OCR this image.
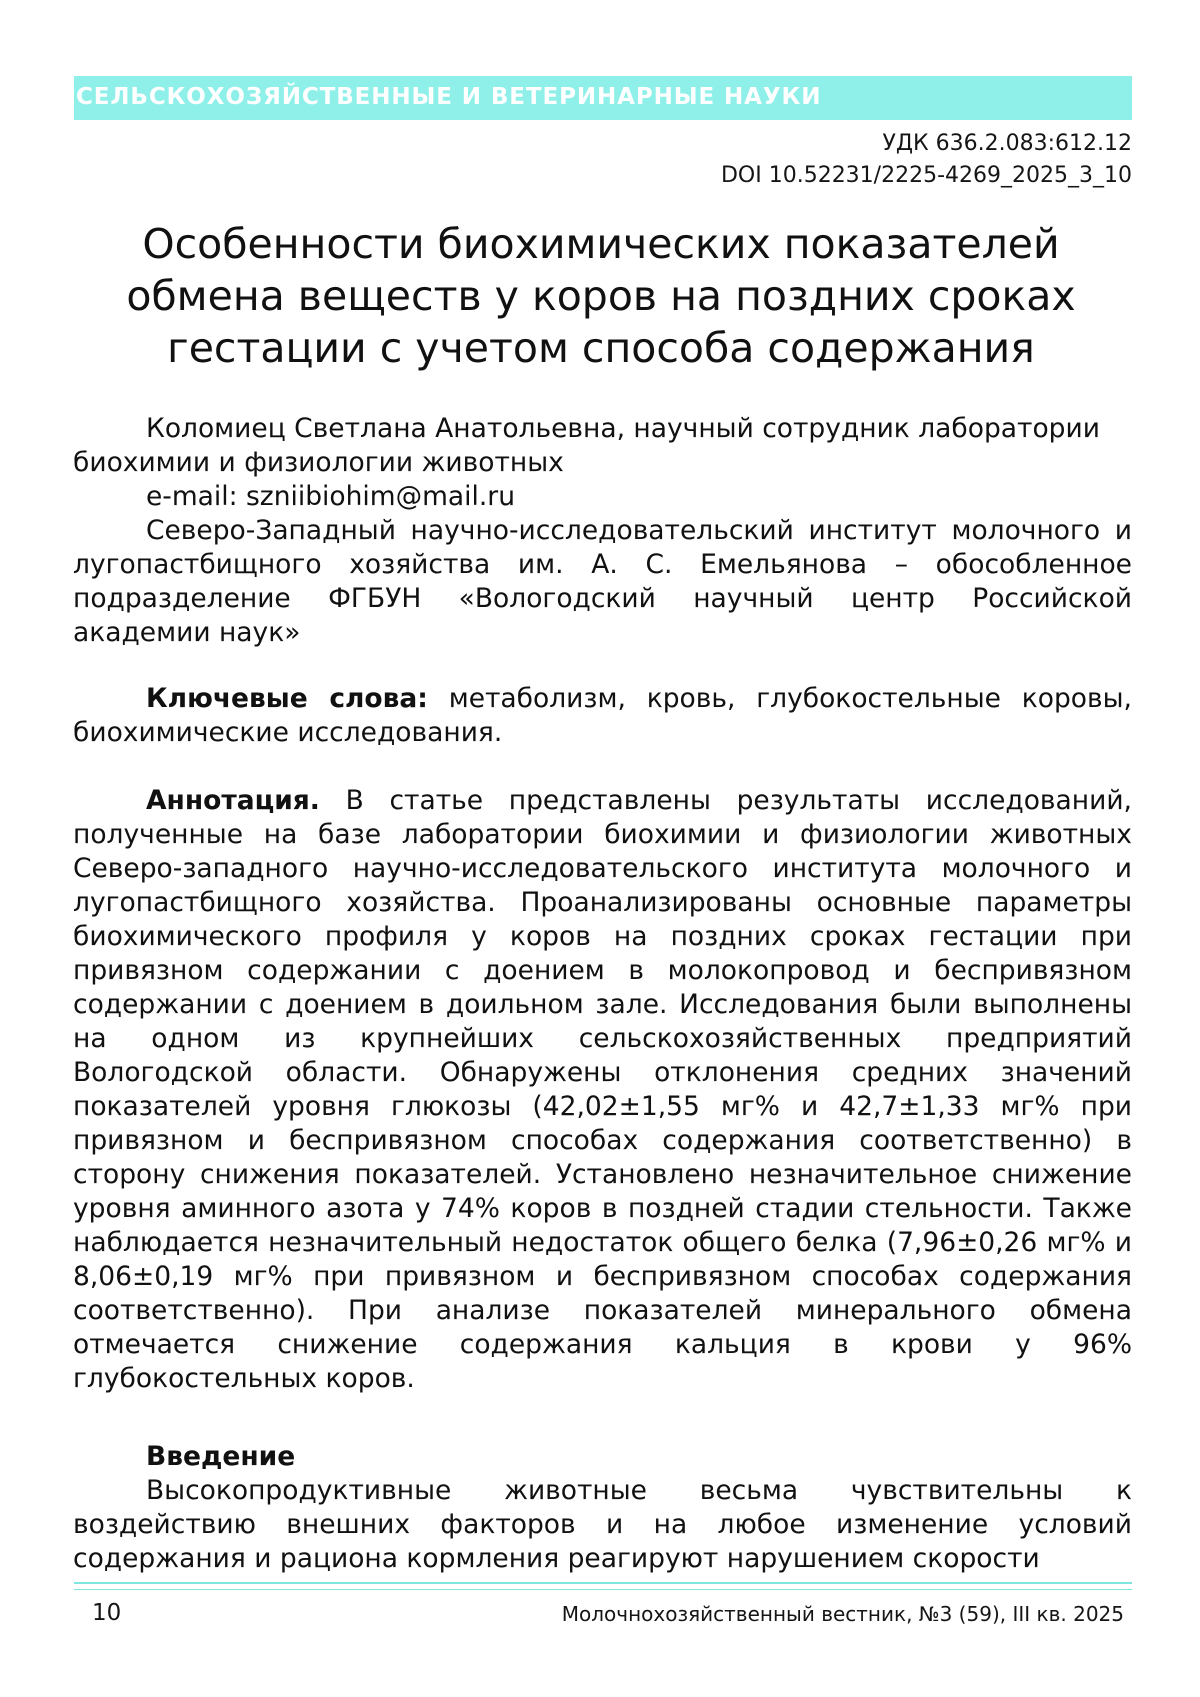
СЕЛЬСКОХОЗЯЙСТВЕННЫЕ И ВЕТЕРИНАРНЫЕ НАУКИ
УДК 636.2.083:612.12
DOI 10.52231/2225-4269_2025_3_10
Особенности биохимических показателей обмена веществ у коров на поздних сроках гестации с учетом способа содержания

Коломиец Светлана Анатольевна, научный сотрудник лаборатории биохимии и физиологии животных

e-mail: szniibiohim@mail.ru

Северо-Западный научно-исследовательский институт молочного и лугопастбищного хозяйства им. А. С. Емельянова – обособленное подразделение ФГБУН «Вологодский научный центр Российской академии наук»

Ключевые слова: метаболизм, кровь, глубокостельные коровы, биохимические исследования.

Аннотация. В статье представлены результаты исследований, полученные на базе лаборатории биохимии и физиологии животных Северо-западного научно-исследовательского института молочного и лугопастбищного хозяйства. Проанализированы основные параметры биохимического профиля у коров на поздних сроках гестации при привязном содержании с доением в молокопровод и беспривязном содержании с доением в доильном зале. Исследования были выполнены на одном из крупнейших сельскохозяйственных предприятий Вологодской области. Обнаружены отклонения средних значений показателей уровня глюкозы (42,02±1,55 мг% и 42,7±1,33 мг% при привязном и беспривязном способах содержания соответственно) в сторону снижения показателей. Установлено незначительное снижение уровня аминного азота у 74% коров в поздней стадии стельности. Также наблюдается незначительный недостаток общего белка (7,96±0,26 мг% и 8,06±0,19 мг% при привязном и беспривязном способах содержания соответственно). При анализе показателей минерального обмена отмечается снижение содержания кальция в крови у 96% глубокостельных коров.

Введение

Высокопродуктивные животные весьма чувствительны к воздействию внешних факторов и на любое изменение условий содержания и рациона кормления реагируют нарушением скорости

10	Молочнохозяйственный вестник, №3 (59), III кв. 2025
